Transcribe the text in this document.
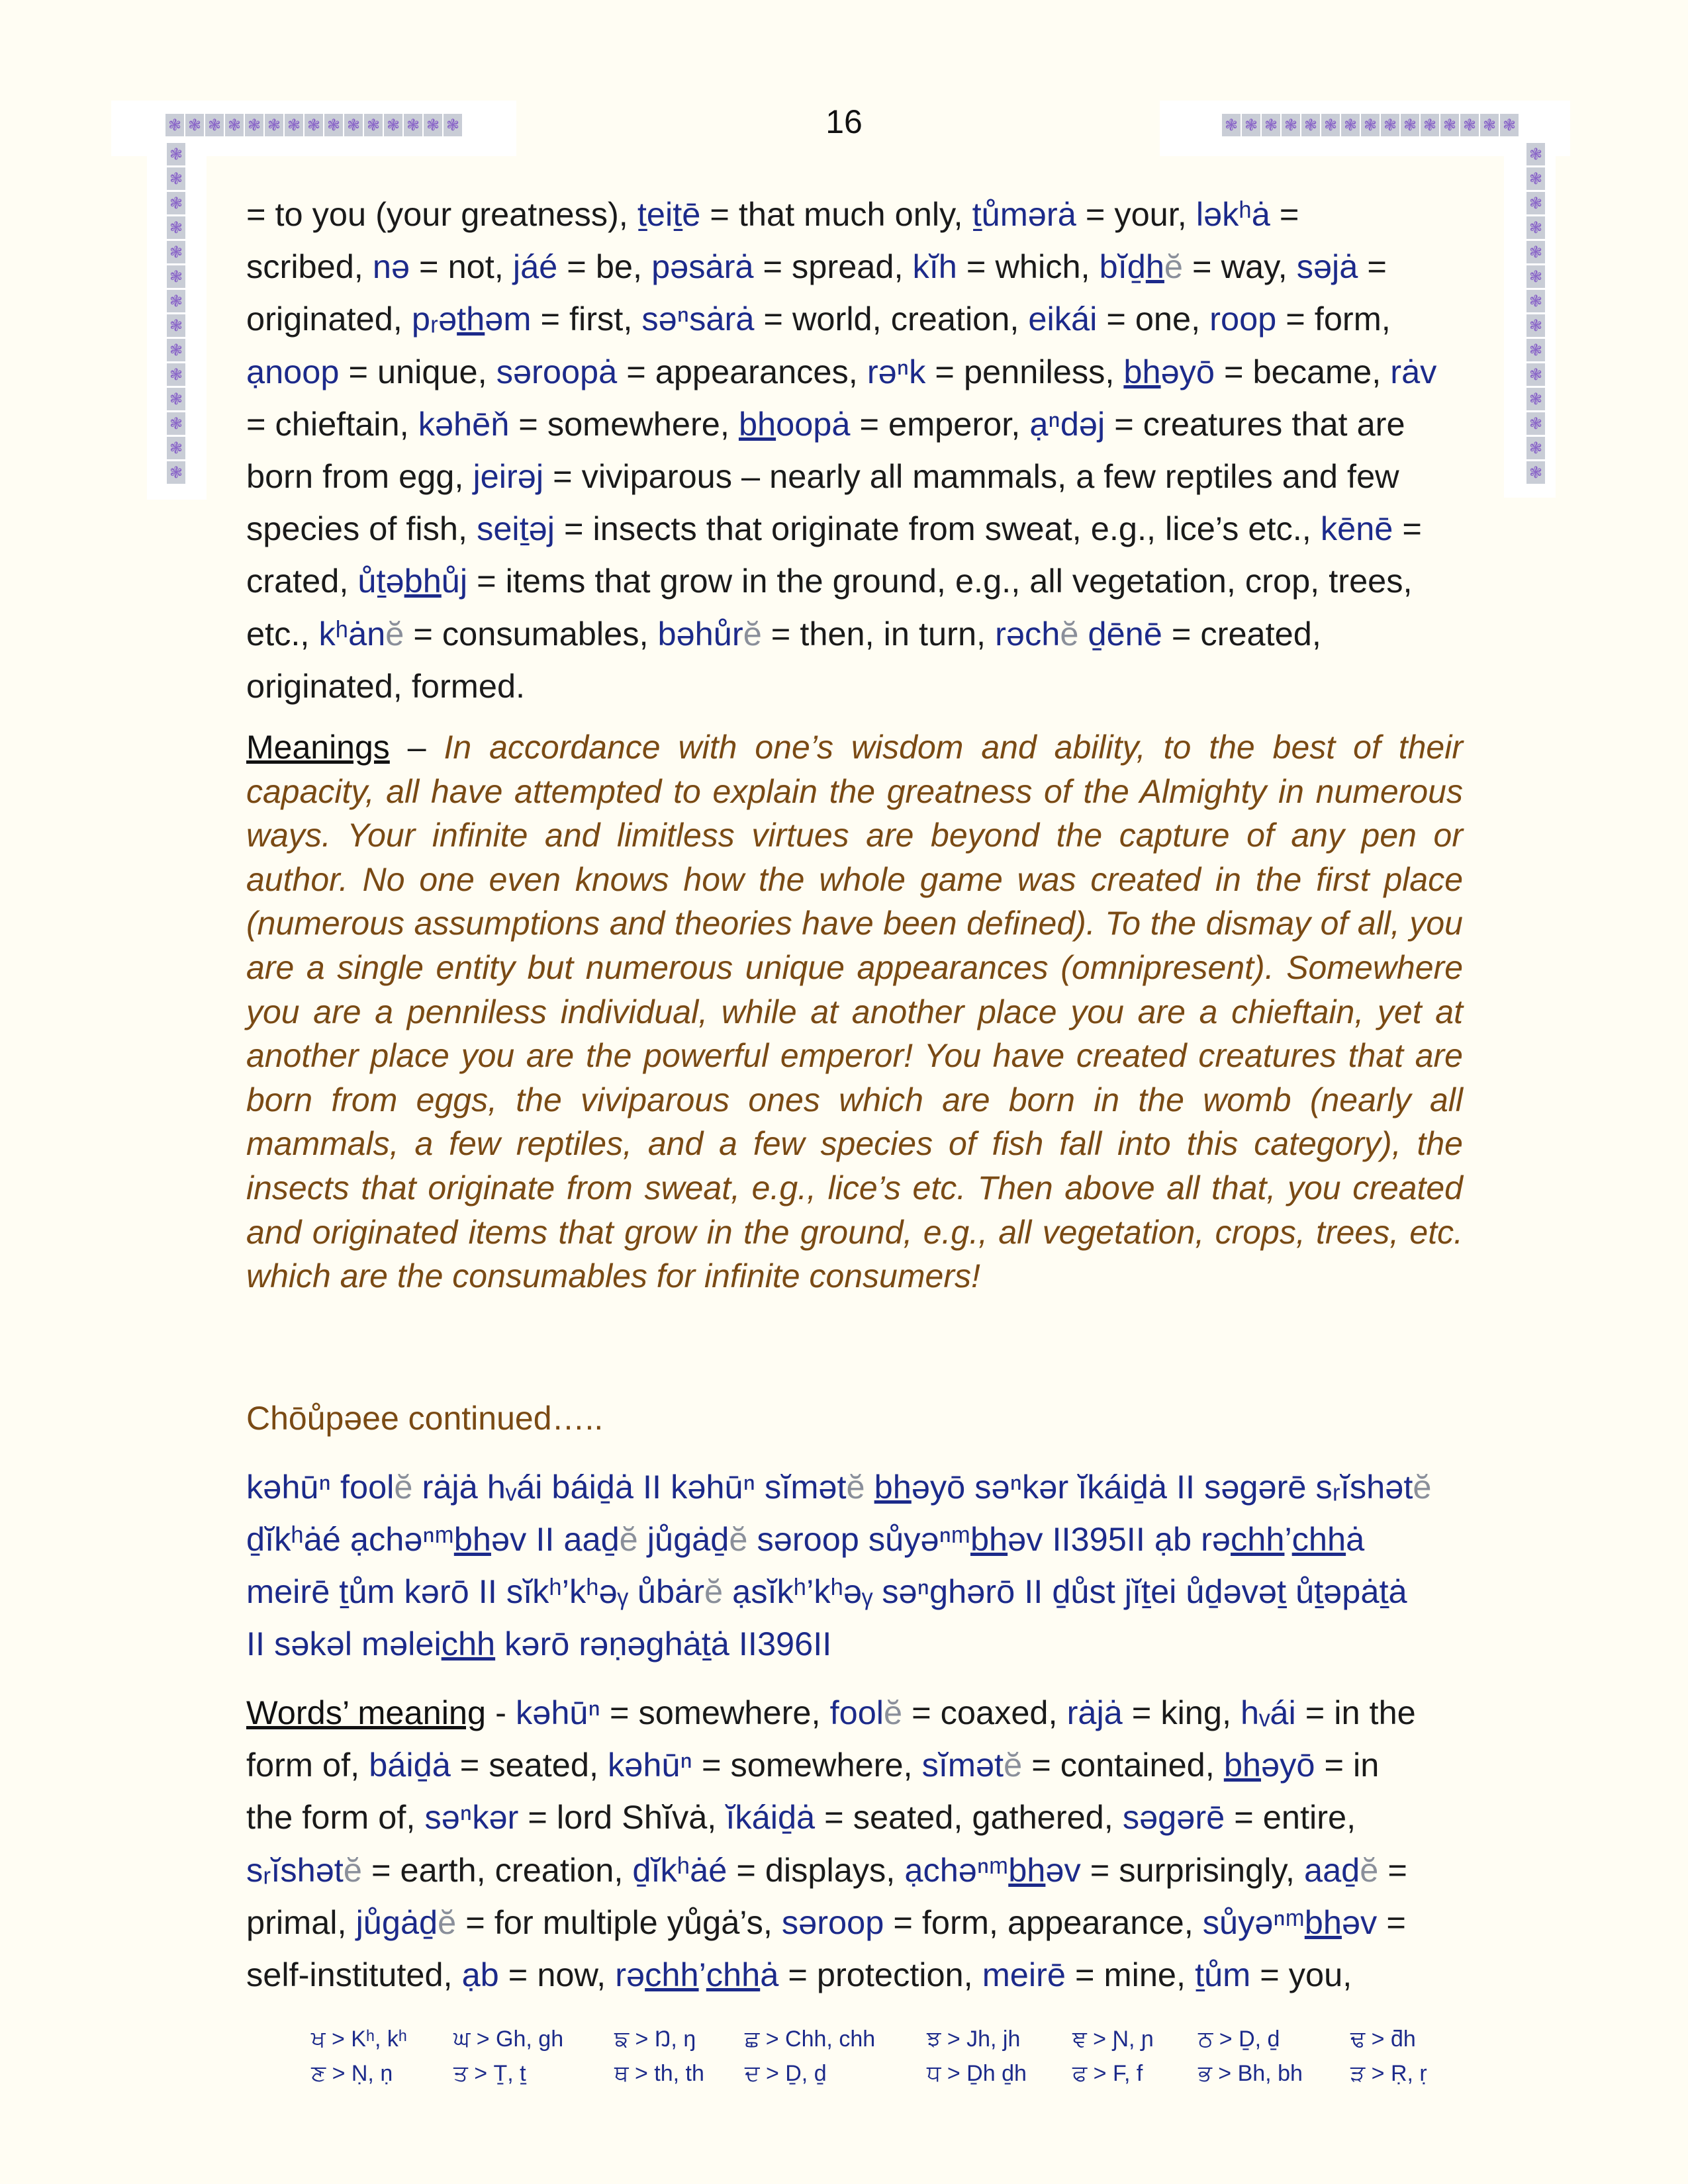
❃ ❃ ❃ ❃ ❃ ❃ ❃ ❃ ❃ ❃ ❃ ❃ ❃ ❃ ❃
❃
❃
❃
❃
❃
❃
❃
❃
❃
❃
❃
❃
❃
❃
❃ ❃ ❃ ❃ ❃ ❃ ❃ ❃ ❃ ❃ ❃ ❃ ❃ ❃ ❃
❃
❃
❃
❃
❃
❃
❃
❃
❃
❃
❃
❃
❃
❃
16

= to you (your greatness), ṯeiṯē = that much only, ṯůmərȧ = your, ləkʰȧ =
scribed, nə = not, jáé = be, pəsȧrȧ = spread, kĭh = which, bĭḏhĕ = way, səjȧ =
originated, pᵣəthəm = first, səⁿsȧrȧ = world, creation, eikái = one, roop = form,
ạnoop = unique, səroopȧ = appearances, rəⁿk = penniless, bhəyō = became, rȧv
= chieftain, kəhēň = somewhere, bhoopȧ = emperor, ạⁿdəj = creatures that are
born from egg, jeirəj = viviparous – nearly all mammals, a few reptiles and few
species of fish, seiṯəj = insects that originate from sweat, e.g., lice’s etc., kēnē =
crated, ůṯəbhůj = items that grow in the ground, e.g., all vegetation, crop, trees,
etc., kʰȧnĕ = consumables, bəhůrĕ = then, in turn, rəchĕ ḏēnē = created,
originated, formed.

Meanings – In accordance with one’s wisdom and ability, to the best of their capacity, all have attempted to explain the greatness of the Almighty in numerous ways. Your infinite and limitless virtues are beyond the capture of any pen or author. No one even knows how the whole game was created in the first place (numerous assumptions and theories have been defined). To the dismay of all, you are a single entity but numerous unique appearances (omnipresent). Somewhere you are a penniless individual, while at another place you are a chieftain, yet at another place you are the powerful emperor! You have created creatures that are born from eggs, the viviparous ones which are born in the womb (nearly all mammals, a few reptiles, and a few species of fish fall into this category), the insects that originate from sweat, e.g., lice’s etc. Then above all that, you created and originated items that grow in the ground, e.g., all vegetation, crops, trees, etc. which are the consumables for infinite consumers!

Chōůpəee continued…..

kəhūⁿ foolĕ rȧjȧ hᵥái báiḏȧ II kəhūⁿ sĭmətĕ bhəyō səⁿkər ĭkáiḏȧ II səgərē sᵣĭshətĕ
ḏĭkʰȧé ạchəⁿᵐbhəv II aaḏĕ jůgȧḏĕ səroop sůyəⁿᵐbhəv II395II ạb rəchh’chhȧ
meirē ṯům kərō II sĭkʰ’kʰəᵧ ůbȧrĕ ạsĭkʰ’kʰəᵧ səⁿghərō II ḏůst jĭṯei ůḏəvəṯ ůṯəpȧṯȧ
II səkəl məleichh kərō rəṇəghȧṯȧ II396II

Words’ meaning - kəhūⁿ = somewhere, foolĕ = coaxed, rȧjȧ = king, hᵥái = in the
form of, báiḏȧ = seated, kəhūⁿ = somewhere, sĭmətĕ = contained, bhəyō = in
the form of, səⁿkər = lord Shĭvȧ, ĭkáiḏȧ = seated, gathered, səgərē = entire,
sᵣĭshətĕ = earth, creation, ḏĭkʰȧé = displays, ạchəⁿᵐbhəv = surprisingly, aaḏĕ =
primal, jůgȧḏĕ = for multiple yůgȧ’s, səroop = form, appearance, sůyəⁿᵐbhəv =
self-instituted, ạb = now, rəchh’chhȧ = protection, meirē = mine, ṯům = you,

ਖ > Kʰ, kʰ ਘ > Gh, gh ਙ > Ŋ, ŋ ਛ > Chh, chh ਝ > Jh, jh ਞ > Ɲ, ɲ ਠ > Ḏ, ḏ	ਢ > ƌh
ਣ > Ṇ, ṇ	ਤ > Ṯ, ṯ	ਥ > th, th ਦ > Ḏ, ḏ	ਧ > Ḏh ḏh ਫ > F, f ਭ > Bh, bh ੜ > Ṛ, ṛ
